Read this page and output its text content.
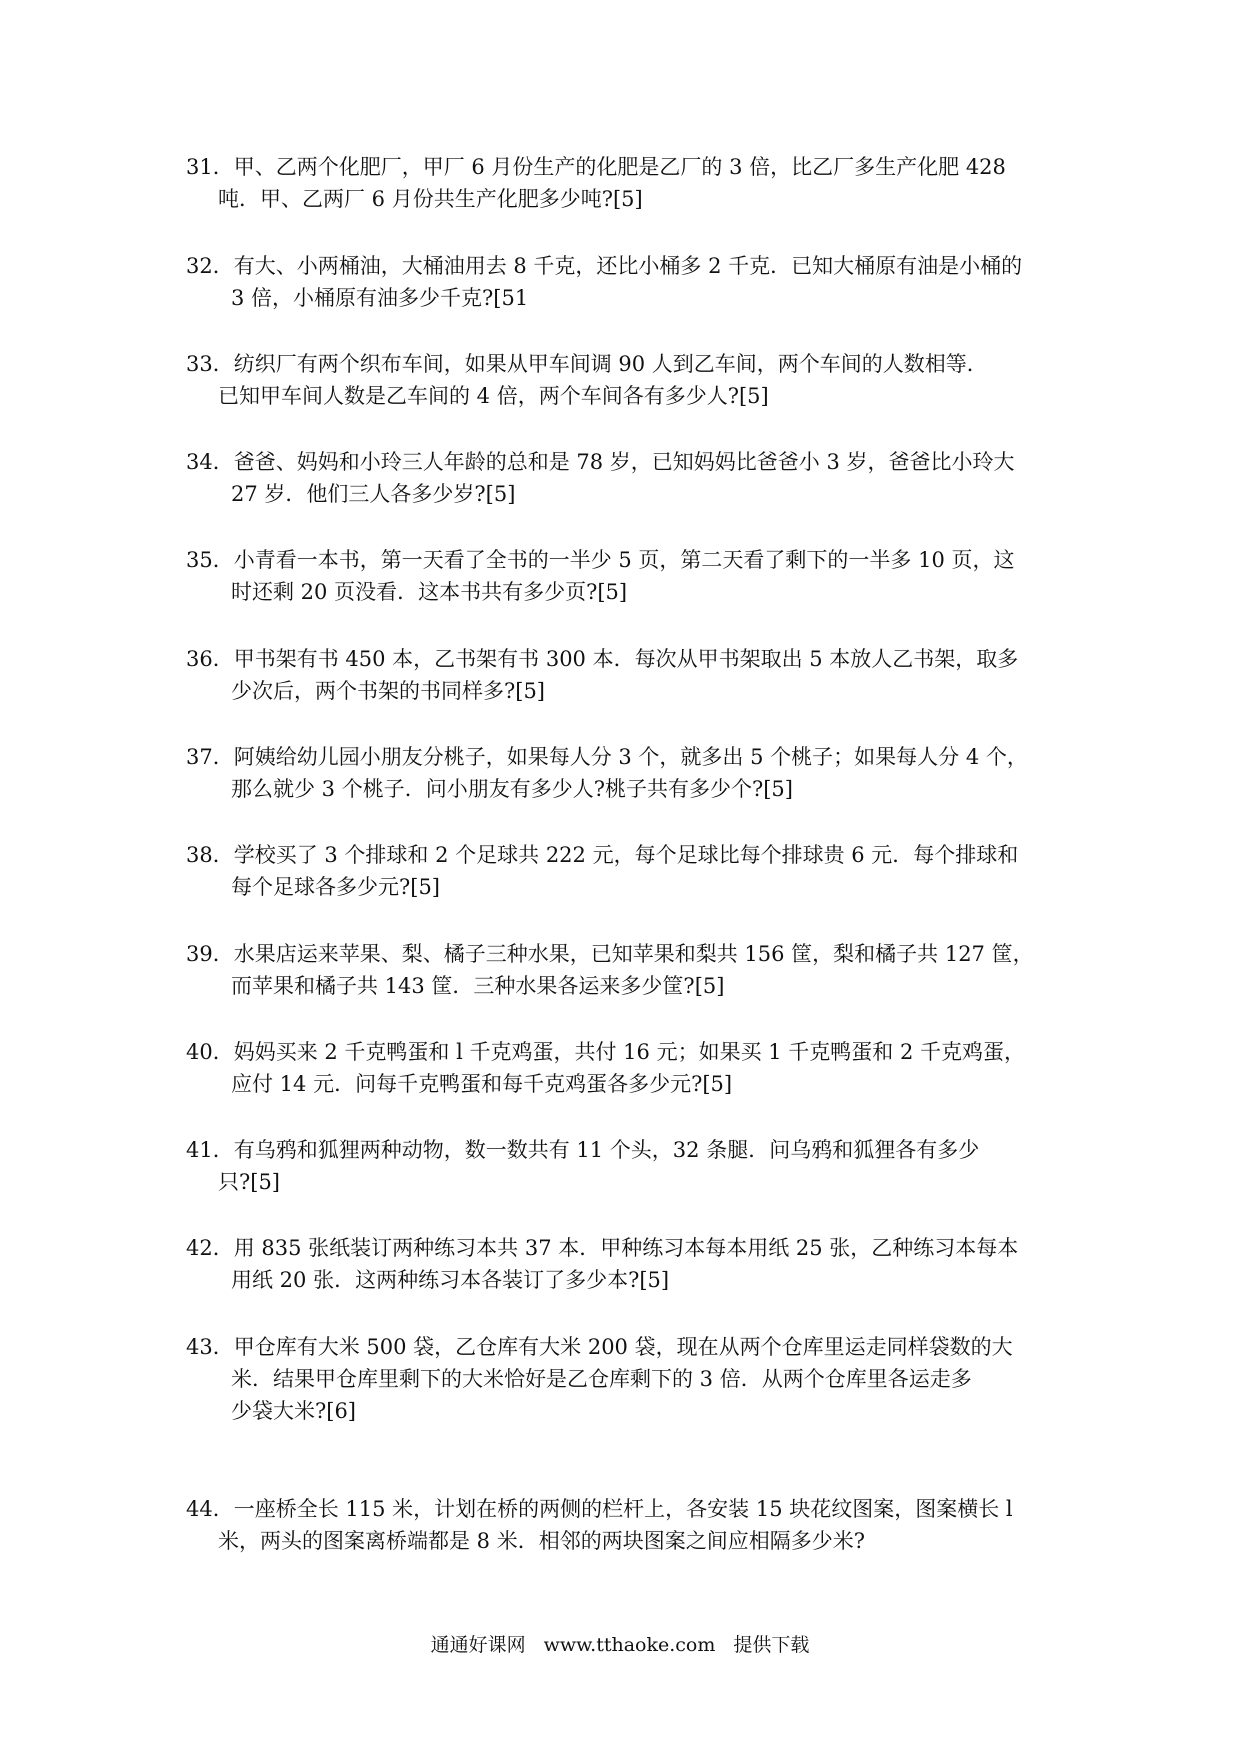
31．甲、乙两个化肥厂，甲厂 6 月份生产的化肥是乙厂的 3 倍，比乙厂多生产化肥 428
吨．甲、乙两厂 6 月份共生产化肥多少吨?[5]
32．有大、小两桶油，大桶油用去 8 千克，还比小桶多 2 千克．已知大桶原有油是小桶的
3 倍，小桶原有油多少千克?[51
33．纺织厂有两个织布车间，如果从甲车间调 90 人到乙车间，两个车间的人数相等．
已知甲车间人数是乙车间的 4 倍，两个车间各有多少人?[5]
34．爸爸、妈妈和小玲三人年龄的总和是 78 岁，已知妈妈比爸爸小 3 岁，爸爸比小玲大
27 岁．他们三人各多少岁?[5]
35．小青看一本书，第一天看了全书的一半少 5 页，第二天看了剩下的一半多 10 页，这
时还剩 20 页没看．这本书共有多少页?[5]
36．甲书架有书 450 本，乙书架有书 300 本．每次从甲书架取出 5 本放人乙书架，取多
少次后，两个书架的书同样多?[5]
37．阿姨给幼儿园小朋友分桃子，如果每人分 3 个，就多出 5 个桃子；如果每人分 4 个，
那么就少 3 个桃子．问小朋友有多少人?桃子共有多少个?[5]
38．学校买了 3 个排球和 2 个足球共 222 元，每个足球比每个排球贵 6 元．每个排球和
每个足球各多少元?[5]
39．水果店运来苹果、梨、橘子三种水果，已知苹果和梨共 156 筐，梨和橘子共 127 筐，
而苹果和橘子共 143 筐．三种水果各运来多少筐?[5]
40．妈妈买来 2 千克鸭蛋和 l 千克鸡蛋，共付 16 元；如果买 1 千克鸭蛋和 2 千克鸡蛋，
应付 14 元．问每千克鸭蛋和每千克鸡蛋各多少元?[5]
41．有乌鸦和狐狸两种动物，数一数共有 11 个头，32 条腿．问乌鸦和狐狸各有多少
只?[5]
42．用 835 张纸装订两种练习本共 37 本．甲种练习本每本用纸 25 张，乙种练习本每本
用纸 20 张．这两种练习本各装订了多少本?[5]
43．甲仓库有大米 500 袋，乙仓库有大米 200 袋，现在从两个仓库里运走同样袋数的大
米．结果甲仓库里剩下的大米恰好是乙仓库剩下的 3 倍．从两个仓库里各运走多
少袋大米?[6]
44．一座桥全长 115 米，计划在桥的两侧的栏杆上，各安装 15 块花纹图案，图案横长 l
米，两头的图案离桥端都是 8 米．相邻的两块图案之间应相隔多少米?
通通好课网 www.tthaoke.com 提供下载
